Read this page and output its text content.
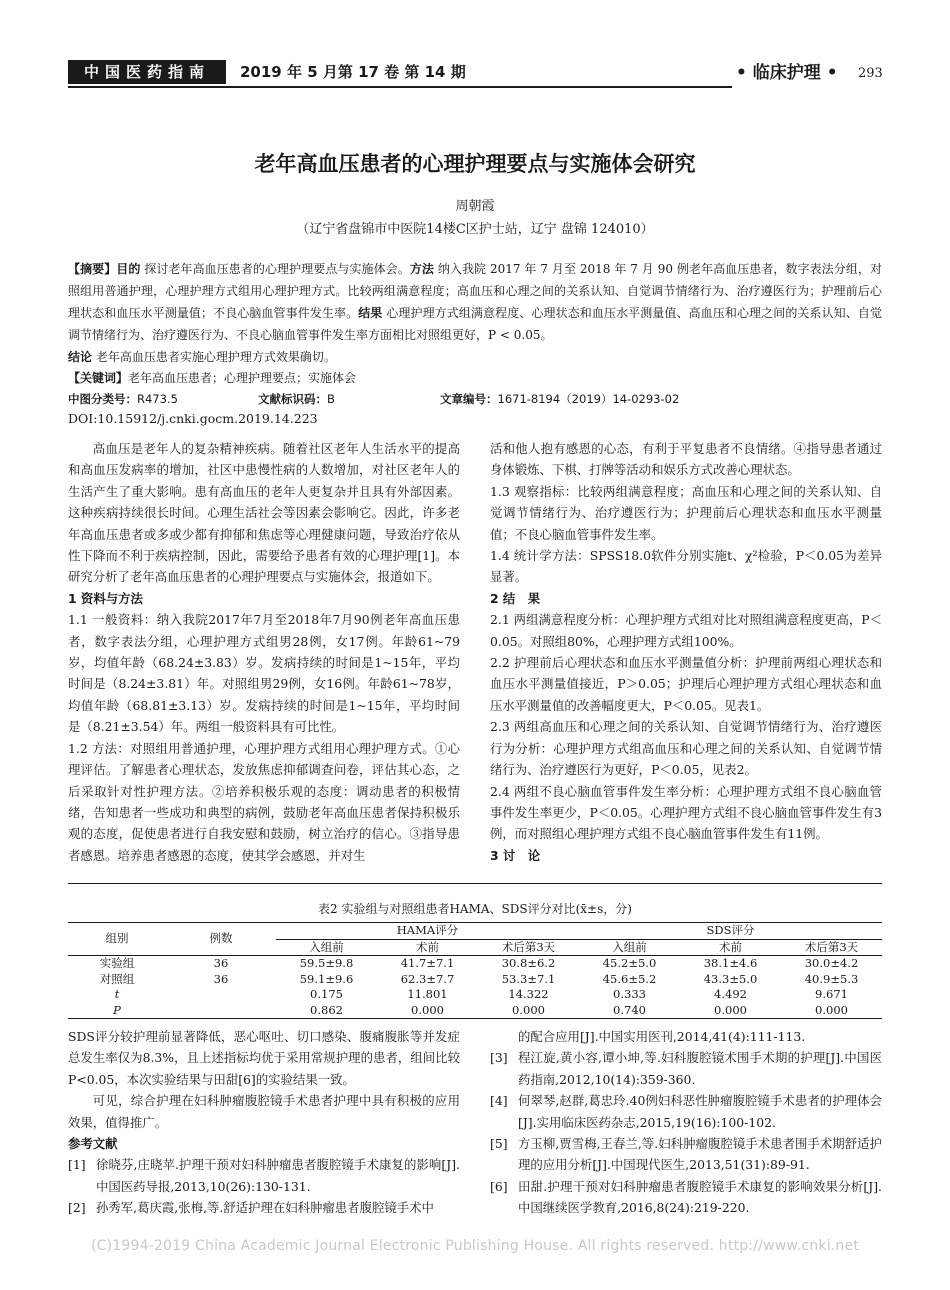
中国医药指南	2019 年 5 月第 17 卷 第 14 期	• 临床护理 • 293
老年高血压患者的心理护理要点与实施体会研究
周朝霞
（辽宁省盘锦市中医院14楼C区护士站，辽宁 盘锦 124010）
【摘要】目的 探讨老年高血压患者的心理护理要点与实施体会。方法 纳入我院 2017 年 7 月至 2018 年 7 月 90 例老年高血压患者，数字表法分组，对照组用普通护理，心理护理方式组用心理护理方式。比较两组满意程度；高血压和心理之间的关系认知、自觉调节情绪行为、治疗遵医行为；护理前后心理状态和血压水平测量值；不良心脑血管事件发生率。结果 心理护理方式组满意程度、心理状态和血压水平测量值、高血压和心理之间的关系认知、自觉调节情绪行为、治疗遵医行为、不良心脑血管事件发生率方面相比对照组更好，P < 0.05。
结论 老年高血压患者实施心理护理方式效果确切。
【关键词】老年高血压患者；心理护理要点；实施体会
中图分类号：R473.5	文献标识码：B	文章编号：1671-8194（2019）14-0293-02
DOI:10.15912/j.cnki.gocm.2019.14.223

高血压是老年人的复杂精神疾病。随着社区老年人生活水平的提高和高血压发病率的增加，社区中患慢性病的人数增加，对社区老年人的生活产生了重大影响。患有高血压的老年人更复杂并且具有外部因素。这种疾病持续很长时间。心理生活社会等因素会影响它。因此，许多老年高血压患者或多或少都有抑郁和焦虑等心理健康问题，导致治疗依从性下降而不利于疾病控制，因此，需要给予患者有效的心理护理[1]。本研究分析了老年高血压患者的心理护理要点与实施体会，报道如下。

1 资料与方法

1.1 一般资料：纳入我院2017年7月至2018年7月90例老年高血压患者，数字表法分组，心理护理方式组男28例，女17例。年龄61~79岁，均值年龄（68.24±3.83）岁。发病持续的时间是1~15年，平均时间是（8.24±3.81）年。对照组男29例，女16例。年龄61~78岁，均值年龄（68.81±3.13）岁。发病持续的时间是1~15年，平均时间是（8.21±3.54）年。两组一般资料具有可比性。

1.2 方法：对照组用普通护理，心理护理方式组用心理护理方式。①心理评估。了解患者心理状态，发放焦虑抑郁调查问卷，评估其心态，之后采取针对性护理方法。②培养积极乐观的态度：调动患者的积极情绪，告知患者一些成功和典型的病例，鼓励老年高血压患者保持积极乐观的态度，促使患者进行自我安慰和鼓励，树立治疗的信心。③指导患者感恩。培养患者感恩的态度，使其学会感恩，并对生

活和他人抱有感恩的心态，有利于平复患者不良情绪。④指导患者通过身体锻炼、下棋、打牌等活动和娱乐方式改善心理状态。

1.3 观察指标：比较两组满意程度；高血压和心理之间的关系认知、自觉调节情绪行为、治疗遵医行为；护理前后心理状态和血压水平测量值；不良心脑血管事件发生率。

1.4 统计学方法：SPSS18.0软件分别实施t、χ²检验，P＜0.05为差异显著。

2 结　果

2.1 两组满意程度分析：心理护理方式组对比对照组满意程度更高，P＜0.05。对照组80%，心理护理方式组100%。

2.2 护理前后心理状态和血压水平测量值分析：护理前两组心理状态和血压水平测量值接近，P＞0.05；护理后心理护理方式组心理状态和血压水平测量值的改善幅度更大，P＜0.05。见表1。

2.3 两组高血压和心理之间的关系认知、自觉调节情绪行为、治疗遵医行为分析：心理护理方式组高血压和心理之间的关系认知、自觉调节情绪行为、治疗遵医行为更好，P＜0.05，见表2。

2.4 两组不良心脑血管事件发生率分析：心理护理方式组不良心脑血管事件发生率更少，P＜0.05。心理护理方式组不良心脑血管事件发生有3例，而对照组心理护理方式组不良心脑血管事件发生有11例。

3 讨　论
表2 实验组与对照组患者HAMA、SDS评分对比(x̄±s，分)
组别	例数	HAMA评分			SDS评分		
		入组前	术前	术后第3天	入组前	术前	术后第3天
实验组	36	59.5±9.8	41.7±7.1	30.8±6.2	45.2±5.0	38.1±4.6	30.0±4.2
对照组	36	59.1±9.6	62.3±7.7	53.3±7.1	45.6±5.2	43.3±5.0	40.9±5.3
t		0.175	11.801	14.322	0.333	4.492	9.671
P		0.862	0.000	0.000	0.740	0.000	0.000

SDS评分较护理前显著降低，恶心呕吐、切口感染、腹痛腹胀等并发症总发生率仅为8.3%，且上述指标均优于采用常规护理的患者，组间比较P<0.05，本次实验结果与田甜[6]的实验结果一致。

可见，综合护理在妇科肿瘤腹腔镜手术患者护理中具有积极的应用效果，值得推广。

参考文献
[1] 徐晓芬,庄晓苹.护理干预对妇科肿瘤患者腹腔镜手术康复的影响[J].中国医药导报,2013,10(26):130-131.
[2] 孙秀军,葛庆霞,张梅,等.舒适护理在妇科肿瘤患者腹腔镜手术中
的配合应用[J].中国实用医刊,2014,41(4):111-113.
[3] 程江旋,黄小容,谭小坤,等.妇科腹腔镜术围手术期的护理[J].中国医药指南,2012,10(14):359-360.
[4] 何翠琴,赵群,葛忠玲.40例妇科恶性肿瘤腹腔镜手术患者的护理体会[J].实用临床医药杂志,2015,19(16):100-102.
[5] 方玉柳,贾雪梅,王春兰,等.妇科肿瘤腹腔镜手术患者围手术期舒适护理的应用分析[J].中国现代医生,2013,51(31):89-91.
[6] 田甜.护理干预对妇科肿瘤患者腹腔镜手术康复的影响效果分析[J].中国继续医学教育,2016,8(24):219-220.
(C)1994-2019 China Academic Journal Electronic Publishing House. All rights reserved. http://www.cnki.net
